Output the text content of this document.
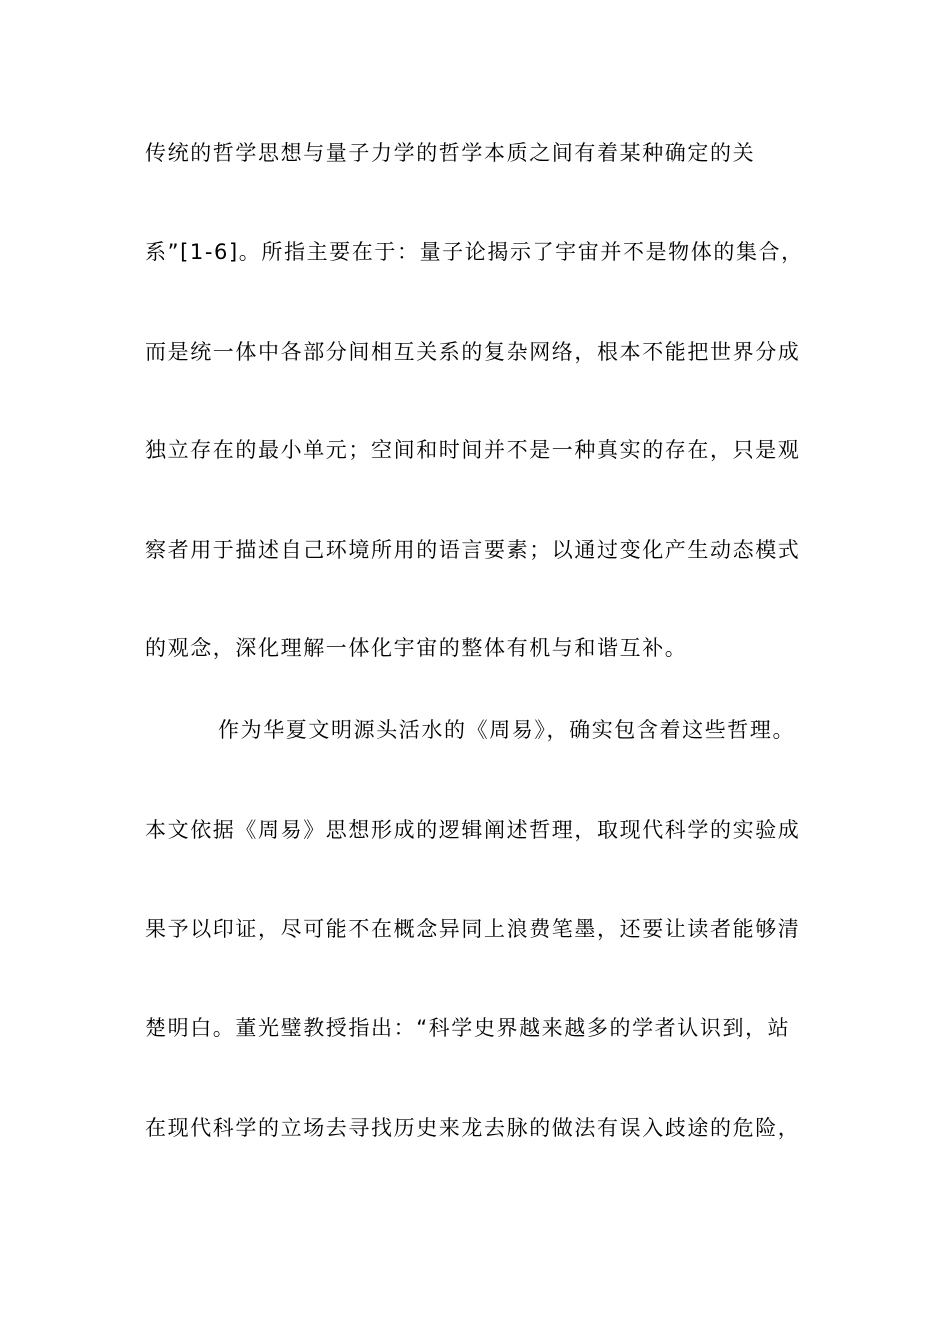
传统的哲学思想与量子力学的哲学本质之间有着某种确定的关
系”[1-6]。所指主要在于：量子论揭示了宇宙并不是物体的集合，
而是统一体中各部分间相互关系的复杂网络，根本不能把世界分成
独立存在的最小单元；空间和时间并不是一种真实的存在，只是观
察者用于描述自己环境所用的语言要素；以通过变化产生动态模式
的观念，深化理解一体化宇宙的整体有机与和谐互补。
作为华夏文明源头活水的《周易》，确实包含着这些哲理。
本文依据《周易》思想形成的逻辑阐述哲理，取现代科学的实验成
果予以印证，尽可能不在概念异同上浪费笔墨，还要让读者能够清
楚明白。董光璧教授指出：“科学史界越来越多的学者认识到，站
在现代科学的立场去寻找历史来龙去脉的做法有误入歧途的危险，
